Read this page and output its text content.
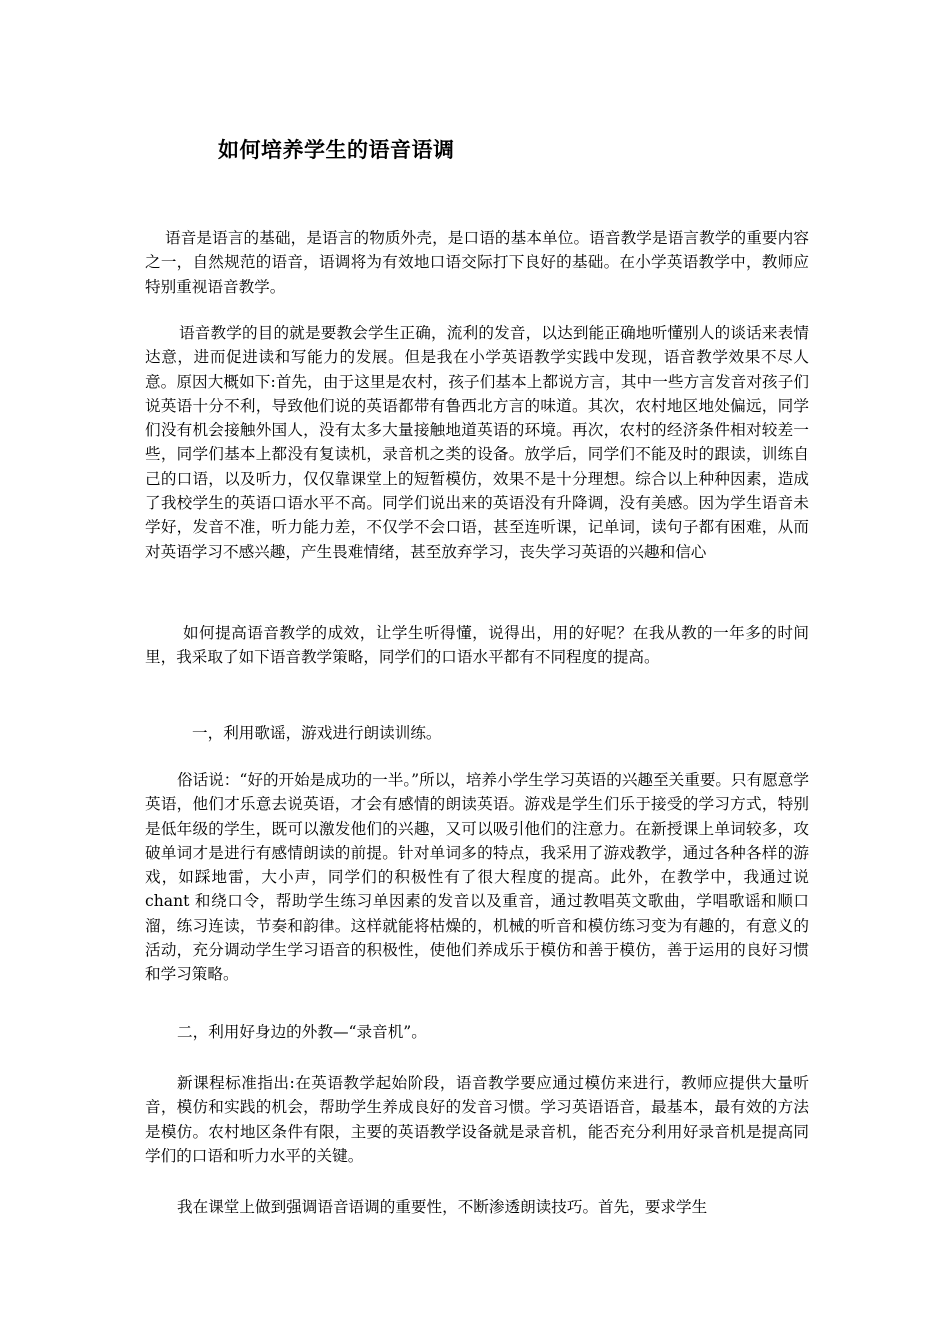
如何培养学生的语音语调

语音是语言的基础，是语言的物质外壳，是口语的基本单位。语音教学是语言教学的重要内容之一，自然规范的语音，语调将为有效地口语交际打下良好的基础。在小学英语教学中，教师应特别重视语音教学。

语音教学的目的就是要教会学生正确，流利的发音，以达到能正确地听懂别人的谈话来表情达意，进而促进读和写能力的发展。但是我在小学英语教学实践中发现，语音教学效果不尽人意。原因大概如下:首先，由于这里是农村，孩子们基本上都说方言，其中一些方言发音对孩子们说英语十分不利，导致他们说的英语都带有鲁西北方言的味道。其次，农村地区地处偏远，同学们没有机会接触外国人，没有太多大量接触地道英语的环境。再次，农村的经济条件相对较差一些，同学们基本上都没有复读机，录音机之类的设备。放学后，同学们不能及时的跟读，训练自己的口语，以及听力，仅仅靠课堂上的短暂模仿，效果不是十分理想。综合以上种种因素，造成了我校学生的英语口语水平不高。同学们说出来的英语没有升降调，没有美感。因为学生语音未学好，发音不准，听力能力差，不仅学不会口语，甚至连听课，记单词，读句子都有困难，从而对英语学习不感兴趣，产生畏难情绪，甚至放弃学习，丧失学习英语的兴趣和信心

如何提高语音教学的成效，让学生听得懂，说得出，用的好呢？在我从教的一年多的时间里，我采取了如下语音教学策略，同学们的口语水平都有不同程度的提高。

一，利用歌谣，游戏进行朗读训练。

俗话说：“好的开始是成功的一半。”所以，培养小学生学习英语的兴趣至关重要。只有愿意学英语，他们才乐意去说英语，才会有感情的朗读英语。游戏是学生们乐于接受的学习方式，特别是低年级的学生，既可以激发他们的兴趣，又可以吸引他们的注意力。在新授课上单词较多，攻破单词才是进行有感情朗读的前提。针对单词多的特点，我采用了游戏教学，通过各种各样的游戏，如踩地雷，大小声，同学们的积极性有了很大程度的提高。此外，在教学中，我通过说 chant 和绕口令，帮助学生练习单因素的发音以及重音，通过教唱英文歌曲，学唱歌谣和顺口溜，练习连读，节奏和韵律。这样就能将枯燥的，机械的听音和模仿练习变为有趣的，有意义的活动，充分调动学生学习语音的积极性，使他们养成乐于模仿和善于模仿，善于运用的良好习惯和学习策略。

二，利用好身边的外教—“录音机”。

新课程标准指出:在英语教学起始阶段，语音教学要应通过模仿来进行，教师应提供大量听音，模仿和实践的机会，帮助学生养成良好的发音习惯。学习英语语音，最基本，最有效的方法是模仿。农村地区条件有限，主要的英语教学设备就是录音机，能否充分利用好录音机是提高同学们的口语和听力水平的关键。

我在课堂上做到强调语音语调的重要性，不断渗透朗读技巧。首先，要求学生
